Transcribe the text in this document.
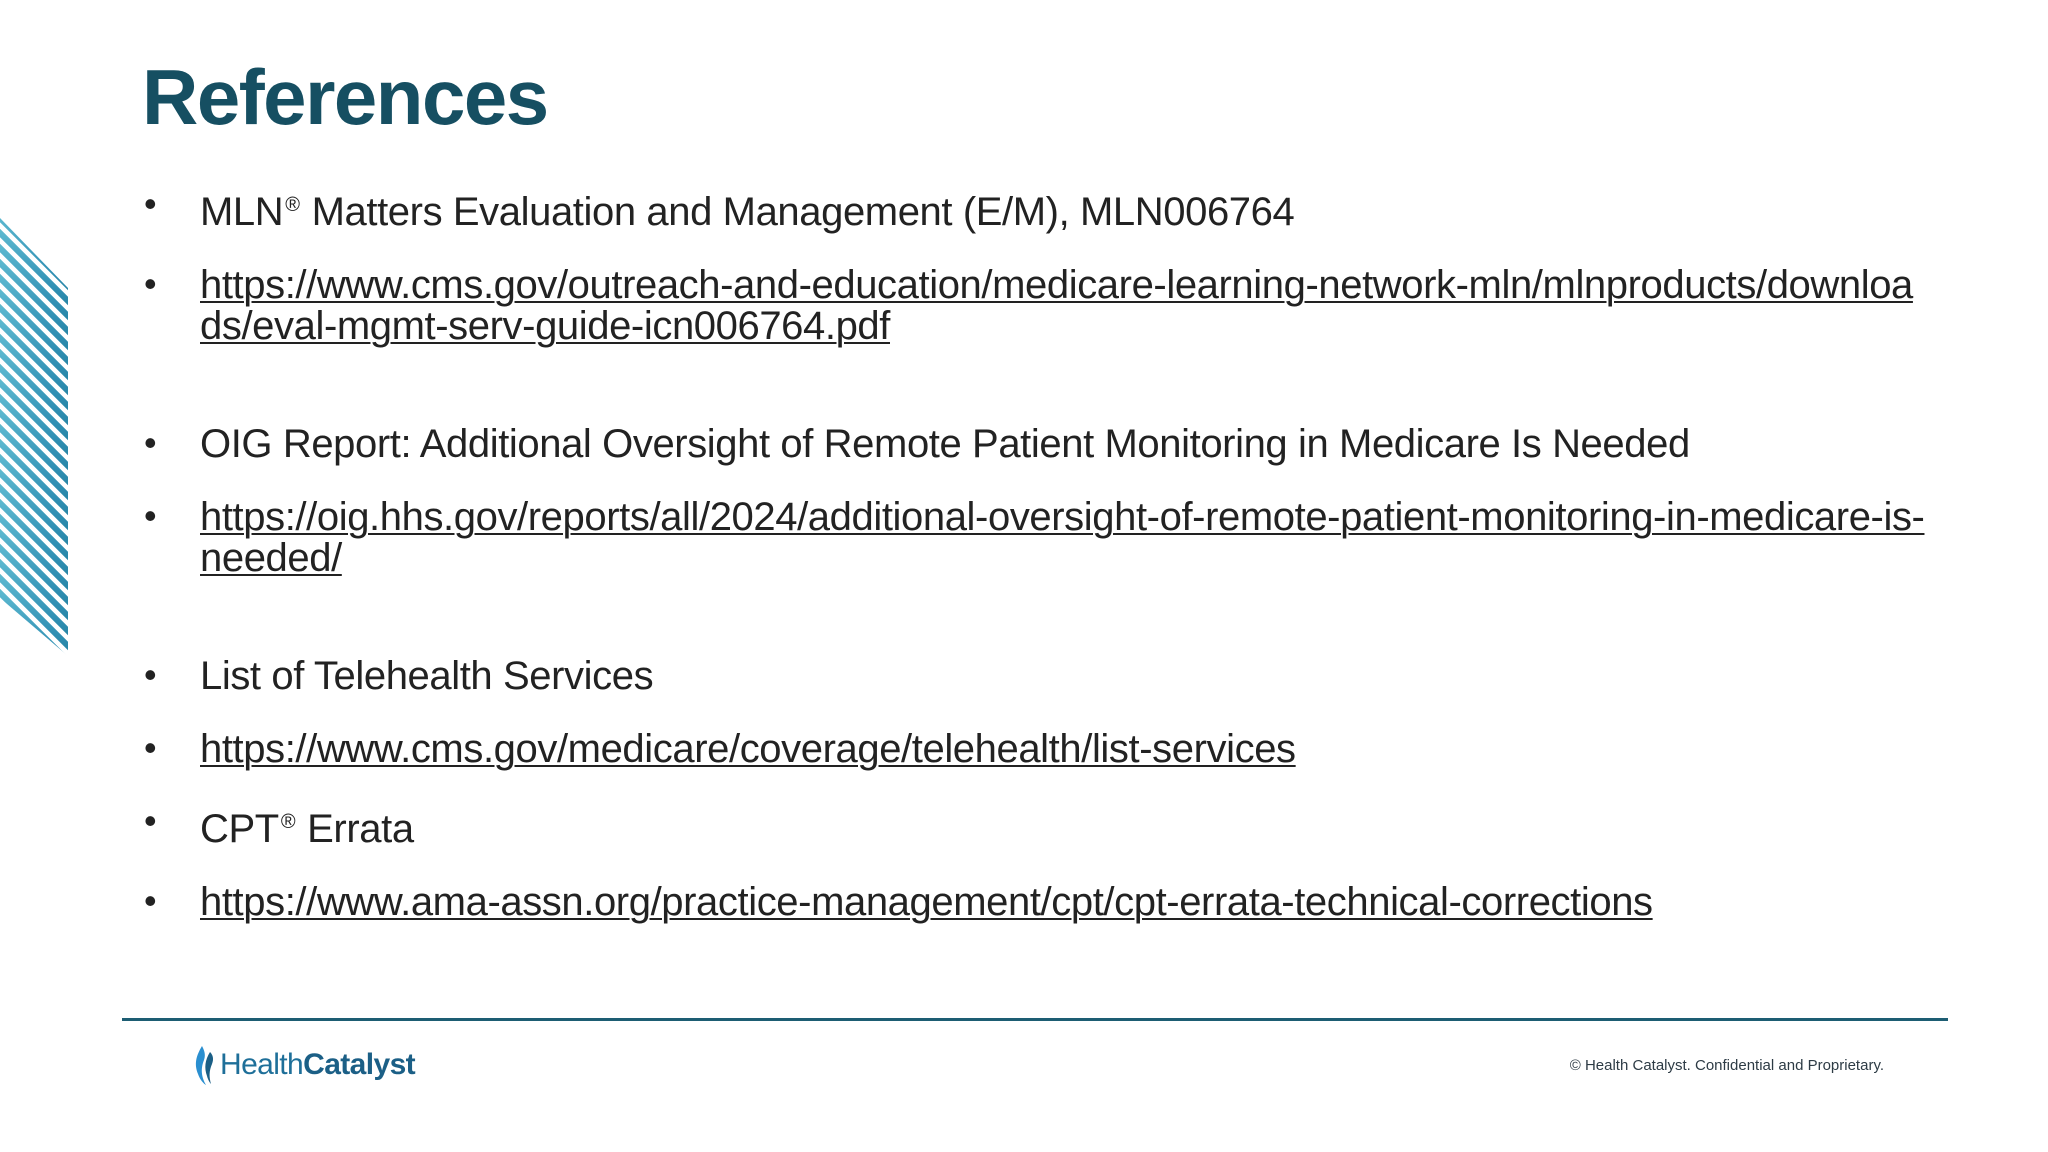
References
• MLN ® Matters Evaluation and Management (E/M), MLN006764
• https://www.cms.gov/outreach-and-education/medicare-learning-network-mln/mlnproducts/downloads/eval-mgmt-serv-guide-icn006764.pdf
• OIG Report: Additional Oversight of Remote Patient Monitoring in Medicare Is Needed
• https://oig.hhs.gov/reports/all/2024/additional-oversight-of-remote-patient-monitoring-in-medicare-is-needed/
• List of Telehealth Services
• https://www.cms.gov/medicare/coverage/telehealth/list-services
• CPT ® Errata
• https://www.ama-assn.org/practice-management/cpt/cpt-errata-technical-corrections
HealthCatalyst	© Health Catalyst. Confidential and Proprietary.
